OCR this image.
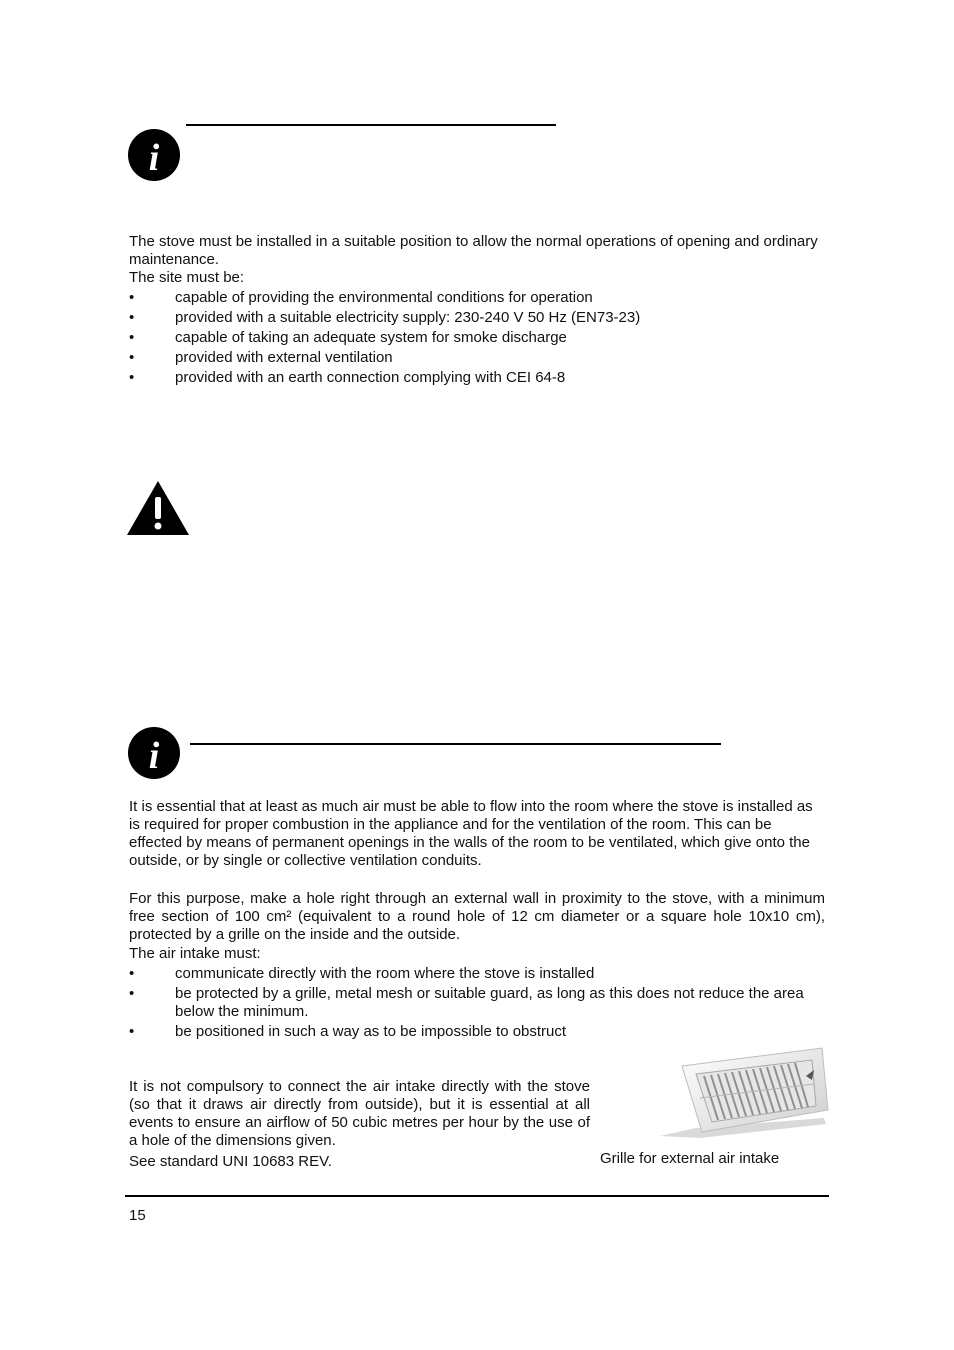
i
The stove must be installed in a suitable position to allow the normal operations of opening and ordinary maintenance.
The site must be:
•	capable of providing the environmental conditions for operation
•	provided with a suitable electricity supply: 230-240 V 50 Hz (EN73-23)
•	capable of taking an adequate system for smoke discharge
•	provided with external ventilation
•	provided with an earth connection complying with CEI 64-8
i
It is essential that at least as much air must be able to flow into the room where the stove is installed as is required for proper combustion in the appliance and for the ventilation of the room. This can be effected by means of permanent openings in the walls of the room to be ventilated, which give onto the outside, or by single or collective ventilation conduits.
For this purpose, make a hole right through an external wall in proximity to the stove, with a minimum free section of 100 cm² (equivalent to a round hole of 12 cm diameter or a square hole 10x10 cm), protected by a grille on the inside and the outside.
The air intake must:
•	communicate directly with the room where the stove is installed
•	be protected by a grille, metal mesh or suitable guard, as long as this does not reduce the area below the minimum.
•	be positioned in such a way as to be impossible to obstruct
It is not compulsory to connect the air intake directly with the stove (so that it draws air directly from outside), but it is essential at all events to ensure an airflow of 50 cubic metres per hour by the use of a hole of the dimensions given.
See standard UNI 10683 REV.	Grille for external air intake
15
